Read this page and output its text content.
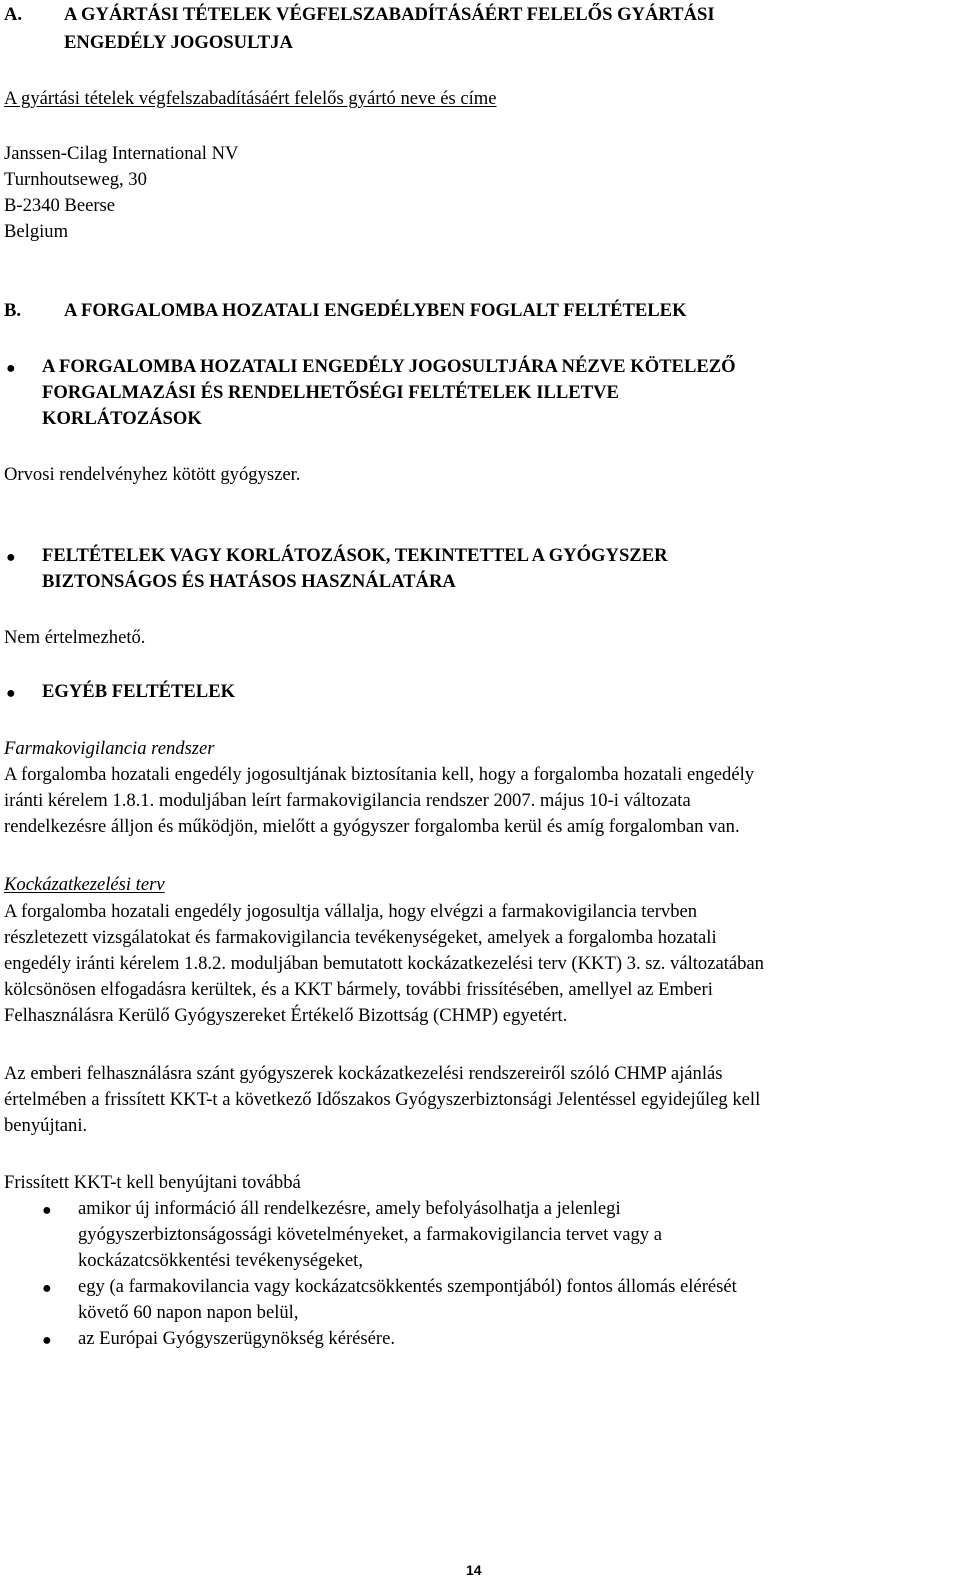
A. A GYÁRTÁSI TÉTELEK VÉGFELSZABADÍTÁSÁÉRT FELELŐS GYÁRTÁSI
ENGEDÉLY JOGOSULTJA
A gyártási tételek végfelszabadításáért felelős gyártó neve és címe
Janssen-Cilag International NV
Turnhoutseweg, 30
B-2340 Beerse
Belgium
B. A FORGALOMBA HOZATALI ENGEDÉLYBEN FOGLALT FELTÉTELEK
● A FORGALOMBA HOZATALI ENGEDÉLY JOGOSULTJÁRA NÉZVE KÖTELEZŐ
FORGALMAZÁSI ÉS RENDELHETŐSÉGI FELTÉTELEK ILLETVE
KORLÁTOZÁSOK
Orvosi rendelvényhez kötött gyógyszer.
● FELTÉTELEK VAGY KORLÁTOZÁSOK, TEKINTETTEL A GYÓGYSZER
BIZTONSÁGOS ÉS HATÁSOS HASZNÁLATÁRA
Nem értelmezhető.
● EGYÉB FELTÉTELEK
Farmakovigilancia rendszer
A forgalomba hozatali engedély jogosultjának biztosítania kell, hogy a forgalomba hozatali engedély
iránti kérelem 1.8.1. moduljában leírt farmakovigilancia rendszer 2007. május 10-i változata
rendelkezésre álljon és működjön, mielőtt a gyógyszer forgalomba kerül és amíg forgalomban van.
Kockázatkezelési terv
A forgalomba hozatali engedély jogosultja vállalja, hogy elvégzi a farmakovigilancia tervben
részletezett vizsgálatokat és farmakovigilancia tevékenységeket, amelyek a forgalomba hozatali
engedély iránti kérelem 1.8.2. moduljában bemutatott kockázatkezelési terv (KKT) 3. sz. változatában
kölcsönösen elfogadásra kerültek, és a KKT bármely, további frissítésében, amellyel az Emberi
Felhasználásra Kerülő Gyógyszereket Értékelő Bizottság (CHMP) egyetért.
Az emberi felhasználásra szánt gyógyszerek kockázatkezelési rendszereiről szóló CHMP ajánlás
értelmében a frissített KKT-t a következő Időszakos Gyógyszerbiztonsági Jelentéssel egyidejűleg kell
benyújtani.
Frissített KKT-t kell benyújtani továbbá
● amikor új információ áll rendelkezésre, amely befolyásolhatja a jelenlegi
gyógyszerbiztonságossági követelményeket, a farmakovigilancia tervet vagy a
kockázatcsökkentési tevékenységeket,
● egy (a farmakovilancia vagy kockázatcsökkentés szempontjából) fontos állomás elérését
követő 60 napon napon belül,
● az Európai Gyógyszerügynökség kérésére.
14
